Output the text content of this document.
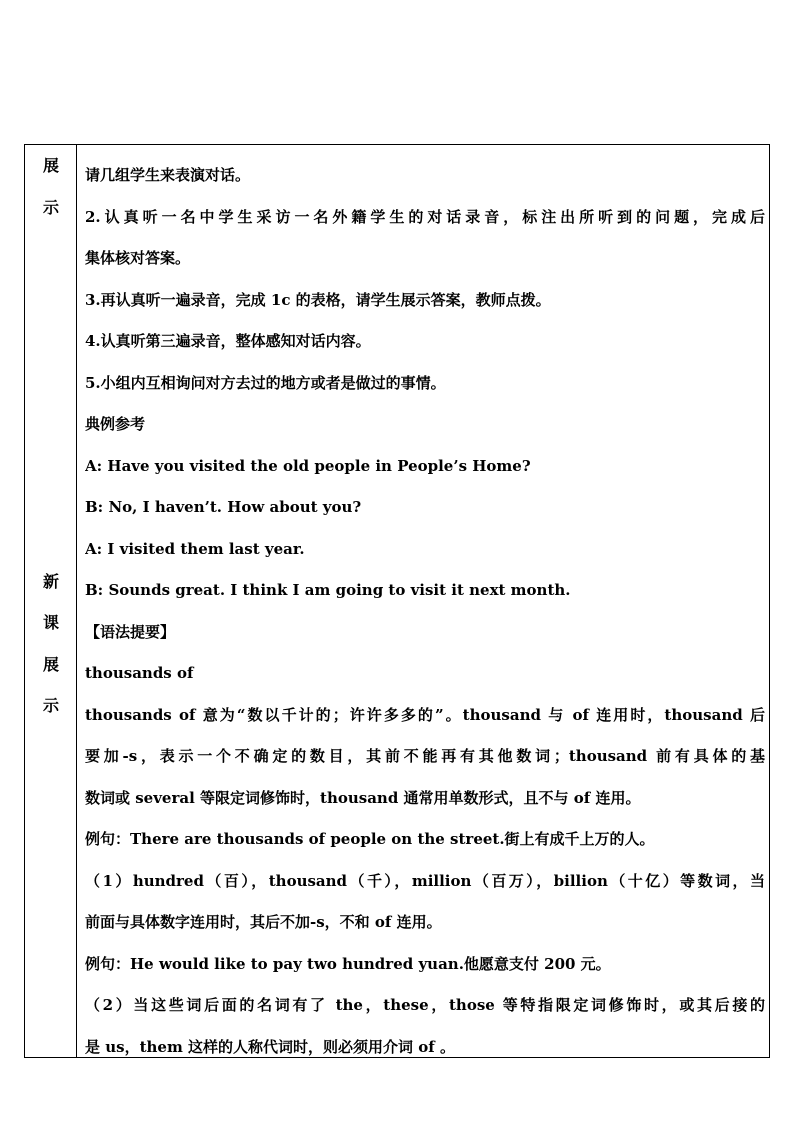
展
示
新
课
展
示
请几组学生来表演对话。
2.认真听一名中学生采访一名外籍学生的对话录音，标注出所听到的问题，完成后
集体核对答案。
3.再认真听一遍录音，完成 1c 的表格，请学生展示答案，教师点拨。
4.认真听第三遍录音，整体感知对话内容。
5.小组内互相询问对方去过的地方或者是做过的事情。
典例参考
A: Have you visited the old people in People’s Home?
B: No, I haven’t. How about you?
A: I visited them last year.
B: Sounds great. I think I am going to visit it next month.
【语法提要】
thousands of
thousands of 意为“数以千计的；许许多多的”。thousand 与 of 连用时，thousand 后
要加-s，表示一个不确定的数目，其前不能再有其他数词；thousand 前有具体的基
数词或 several 等限定词修饰时，thousand 通常用单数形式，且不与 of 连用。
例句：There are thousands of people on the street.街上有成千上万的人。
（1）hundred（百），thousand（千），million（百万），billion（十亿）等数词，当
前面与具体数字连用时，其后不加-s，不和 of 连用。
例句：He would like to pay two hundred yuan.他愿意支付 200 元。
（2）当这些词后面的名词有了 the，these，those 等特指限定词修饰时，或其后接的
是 us，them 这样的人称代词时，则必须用介词 of 。
